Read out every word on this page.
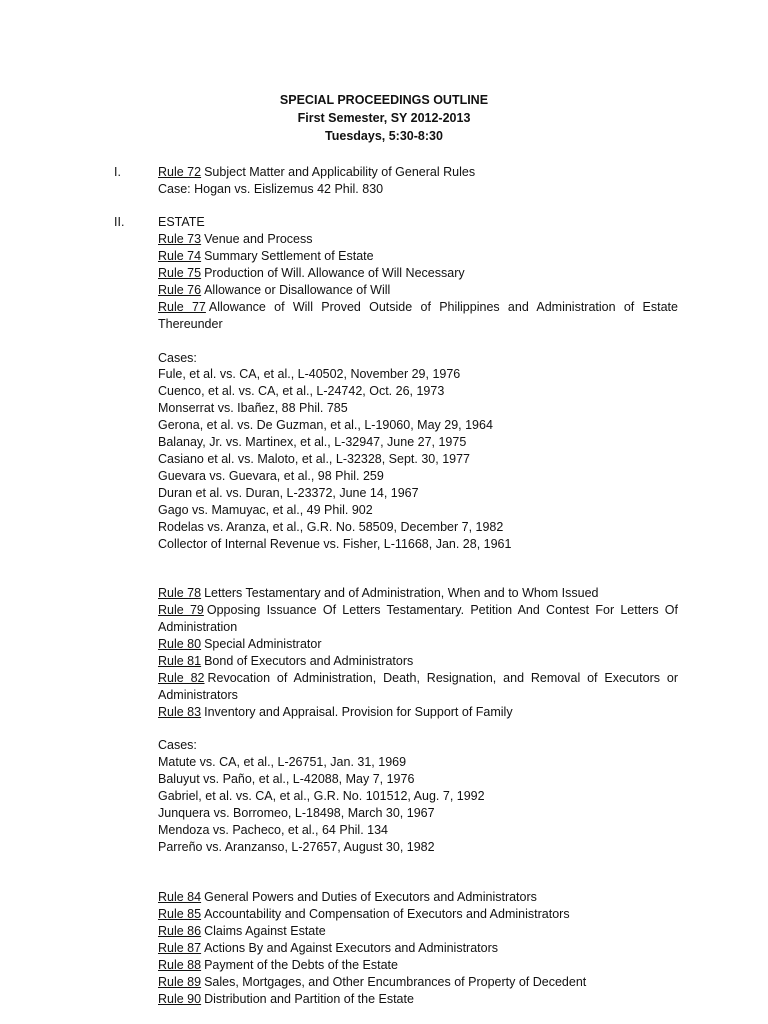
SPECIAL PROCEEDINGS OUTLINE
First Semester, SY 2012-2013
Tuesdays, 5:30-8:30
I.	Rule 72 Subject Matter and Applicability of General Rules
Case: Hogan vs. Eislizemus 42 Phil. 830
II.	ESTATE
Rule 73 Venue and Process
Rule 74 Summary Settlement of Estate
Rule 75 Production of Will. Allowance of Will Necessary
Rule 76 Allowance or Disallowance of Will
Rule 77 Allowance of Will Proved Outside of Philippines and Administration of Estate
Thereunder
Cases:
Fule, et al. vs. CA, et al., L-40502, November 29, 1976
Cuenco, et al. vs. CA, et al., L-24742, Oct. 26, 1973
Monserrat vs. Ibañez, 88 Phil. 785
Gerona, et al. vs. De Guzman, et al., L-19060, May 29, 1964
Balanay, Jr. vs. Martinex, et al., L-32947, June 27, 1975
Casiano et al. vs. Maloto, et al., L-32328, Sept. 30, 1977
Guevara vs. Guevara, et al., 98 Phil. 259
Duran et al. vs. Duran, L-23372, June 14, 1967
Gago vs. Mamuyac, et al., 49 Phil. 902
Rodelas vs. Aranza, et al., G.R. No. 58509, December 7, 1982
Collector of Internal Revenue vs. Fisher, L-11668, Jan. 28, 1961
Rule 78 Letters Testamentary and of Administration, When and to Whom Issued
Rule 79 Opposing Issuance Of Letters Testamentary. Petition And Contest For Letters Of
Administration
Rule 80 Special Administrator
Rule 81 Bond of Executors and Administrators
Rule 82 Revocation of Administration, Death, Resignation, and Removal of Executors or
Administrators
Rule 83 Inventory and Appraisal. Provision for Support of Family
Cases:
Matute vs. CA, et al., L-26751, Jan. 31, 1969
Baluyut vs. Paño, et al., L-42088, May 7, 1976
Gabriel, et al. vs. CA, et al., G.R. No. 101512, Aug. 7, 1992
Junquera vs. Borromeo, L-18498, March 30, 1967
Mendoza vs. Pacheco, et al., 64 Phil. 134
Parreño vs. Aranzanso, L-27657, August 30, 1982
Rule 84 General Powers and Duties of Executors and Administrators
Rule 85 Accountability and Compensation of Executors and Administrators
Rule 86 Claims Against Estate
Rule 87 Actions By and Against Executors and Administrators
Rule 88 Payment of the Debts of the Estate
Rule 89 Sales, Mortgages, and Other Encumbrances of Property of Decedent
Rule 90 Distribution and Partition of the Estate
